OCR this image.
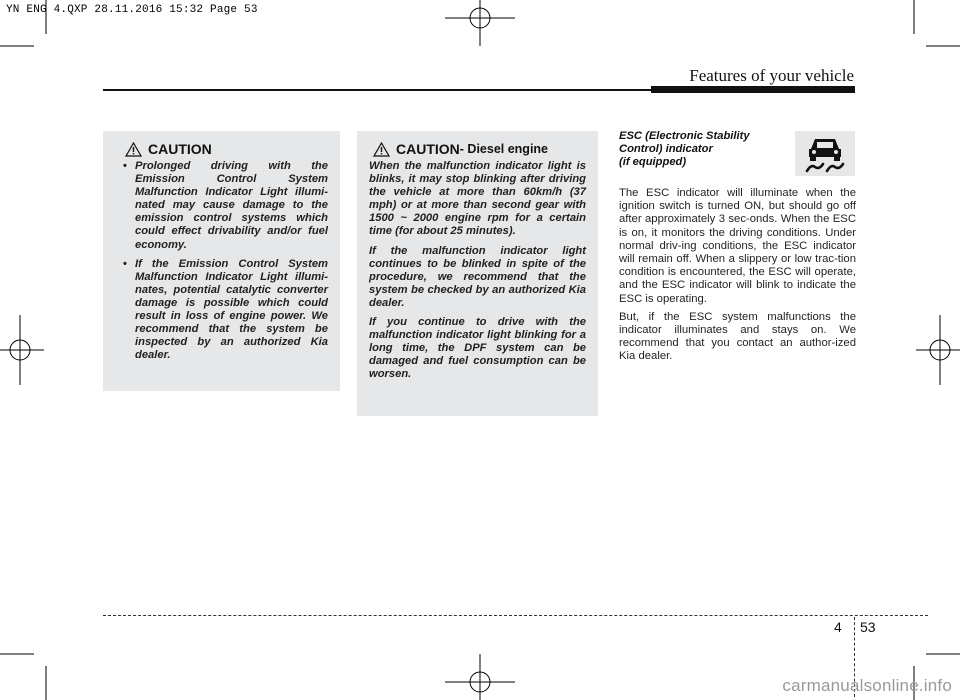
YN ENG 4.QXP 28.11.2016 15:32 Page 53
Features of your vehicle
CAUTION
• Prolonged driving with the Emission Control System Malfunction Indicator Light illumi-nated may cause damage to the emission control systems which could effect drivability and/or fuel economy.
• If the Emission Control System Malfunction Indicator Light illumi-nates, potential catalytic converter damage is possible which could result in loss of engine power. We recommend that the system be inspected by an authorized Kia dealer.
CAUTION - Diesel engine

When the malfunction indicator light is blinks, it may stop blinking after driving the vehicle at more than 60km/h (37 mph) or at more than second gear with 1500 ~ 2000 engine rpm for a certain time (for about 25 minutes).

If the malfunction indicator light continues to be blinked in spite of the procedure, we recommend that the system be checked by an authorized Kia dealer.

If you continue to drive with the malfunction indicator light blinking for a long time, the DPF system can be damaged and fuel consumption can be worsen.

ESC (Electronic Stability
Control) indicator
(if equipped)

The ESC indicator will illuminate when the ignition switch is turned ON, but should go off after approximately 3 sec-onds. When the ESC is on, it monitors the driving conditions. Under normal driv-ing conditions, the ESC indicator will remain off. When a slippery or low trac-tion condition is encountered, the ESC will operate, and the ESC indicator will blink to indicate the ESC is operating.

But, if the ESC system malfunctions the indicator illuminates and stays on. We recommend that you contact an author-ized Kia dealer.

4 53
carmanualsonline.info
